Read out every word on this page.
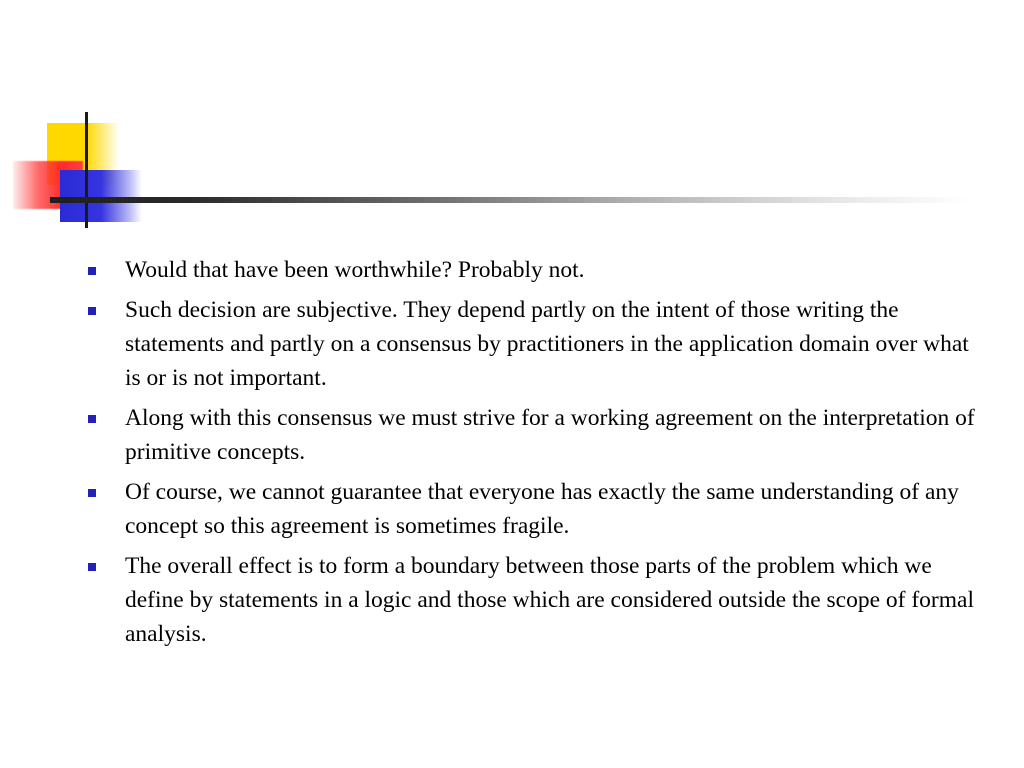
Would that have been worthwhile? Probably not.
Such decision are subjective. They depend partly on the intent of those writing the statements and partly on a consensus by practitioners in the application domain over what is or is not important.
Along with this consensus we must strive for a working agreement on the interpretation of primitive concepts.
Of course, we cannot guarantee that everyone has exactly the same understanding of any concept so this agreement is sometimes fragile.
The overall effect is to form a boundary between those parts of the problem which we define by statements in a logic and those which are considered outside the scope of formal analysis.
